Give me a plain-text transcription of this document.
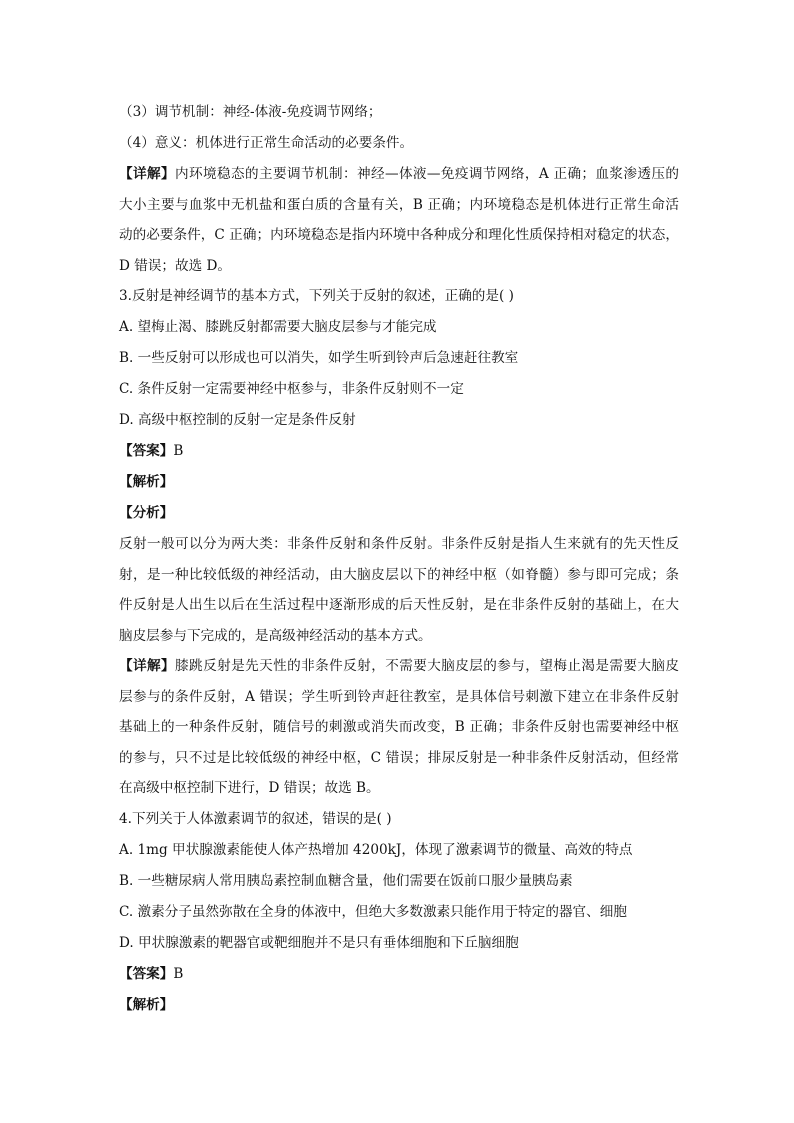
（3）调节机制：神经-体液-免疫调节网络；
（4）意义：机体进行正常生命活动的必要条件。
【详解】内环境稳态的主要调节机制：神经—体液—免疫调节网络，A 正确；血浆渗透压的
大小主要与血浆中无机盐和蛋白质的含量有关，B 正确；内环境稳态是机体进行正常生命活
动的必要条件，C 正确；内环境稳态是指内环境中各种成分和理化性质保持相对稳定的状态，
D 错误；故选 D。
3.反射是神经调节的基本方式，下列关于反射的叙述，正确的是( )
A. 望梅止渴、膝跳反射都需要大脑皮层参与才能完成
B. 一些反射可以形成也可以消失，如学生听到铃声后急速赶往教室
C. 条件反射一定需要神经中枢参与，非条件反射则不一定
D. 高级中枢控制的反射一定是条件反射
【答案】B
【解析】
【分析】
反射一般可以分为两大类：非条件反射和条件反射。非条件反射是指人生来就有的先天性反
射，是一种比较低级的神经活动，由大脑皮层以下的神经中枢（如脊髓）参与即可完成；条
件反射是人出生以后在生活过程中逐渐形成的后天性反射，是在非条件反射的基础上，在大
脑皮层参与下完成的，是高级神经活动的基本方式。
【详解】膝跳反射是先天性的非条件反射，不需要大脑皮层的参与，望梅止渴是需要大脑皮
层参与的条件反射，A 错误；学生听到铃声赶往教室，是具体信号刺激下建立在非条件反射
基础上的一种条件反射，随信号的刺激或消失而改变，B 正确；非条件反射也需要神经中枢
的参与，只不过是比较低级的神经中枢，C 错误；排尿反射是一种非条件反射活动，但经常
在高级中枢控制下进行，D 错误；故选 B。
4.下列关于人体激素调节的叙述，错误的是( )
A. 1mg 甲状腺激素能使人体产热增加 4200kJ，体现了激素调节的微量、高效的特点
B. 一些糖尿病人常用胰岛素控制血糖含量，他们需要在饭前口服少量胰岛素
C. 激素分子虽然弥散在全身的体液中，但绝大多数激素只能作用于特定的器官、细胞
D. 甲状腺激素的靶器官或靶细胞并不是只有垂体细胞和下丘脑细胞
【答案】B
【解析】
